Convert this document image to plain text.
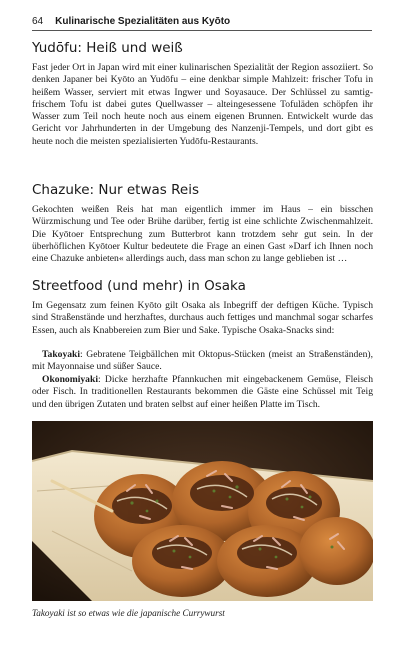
64 Kulinarische Spezialitäten aus Kyōto
Yudōfu: Heiß und weiß

Fast jeder Ort in Japan wird mit einer kulinarischen Spezialität der Region assoziiert. So denken Japaner bei Kyōto an Yudōfu – eine denkbar simple Mahlzeit: frischer Tofu in heißem Wasser, serviert mit etwas Ingwer und Soyasauce. Der Schlüssel zu samtig-frischem Tofu ist dabei gutes Quellwasser – alteingesessene Tofuläden schöpfen ihr Wasser zum Teil noch heute noch aus einem eigenen Brunnen. Entwickelt wurde das Gericht vor Jahrhunderten in der Umgebung des Nanzenji-Tempels, und dort gibt es heute noch die meisten spezialisierten Yudōfu-Restaurants.

Chazuke: Nur etwas Reis

Gekochten weißen Reis hat man eigentlich immer im Haus – ein bisschen Würzmischung und Tee oder Brühe darüber, fertig ist eine schlichte Zwischenmahlzeit. Die Kyōtoer Entsprechung zum Butterbrot kann trotzdem sehr gut sein. In der überhöflichen Kyōtoer Kultur bedeutete die Frage an einen Gast »Darf ich Ihnen noch eine Chazuke anbieten« allerdings auch, dass man schon zu lange geblieben ist …

Streetfood (und mehr) in Osaka

Im Gegensatz zum feinen Kyōto gilt Osaka als Inbegriff der deftigen Küche. Typisch sind Straßenstände und herzhaftes, durchaus auch fettiges und manchmal sogar scharfes Essen, auch als Knabbereien zum Bier und Sake. Typische Osaka-Snacks sind:

Takoyaki: Gebratene Teigbällchen mit Oktopus-Stücken (meist an Straßenständen), mit Mayonnaise und süßer Sauce.

Okonomiyaki: Dicke herzhafte Pfannkuchen mit eingebackenem Gemüse, Fleisch oder Fisch. In traditionellen Restaurants bekommen die Gäste eine Schüssel mit Teig und den übrigen Zutaten und braten selbst auf einer heißen Platte im Tisch.

Takoyaki ist so etwas wie die japanische Currywurst
